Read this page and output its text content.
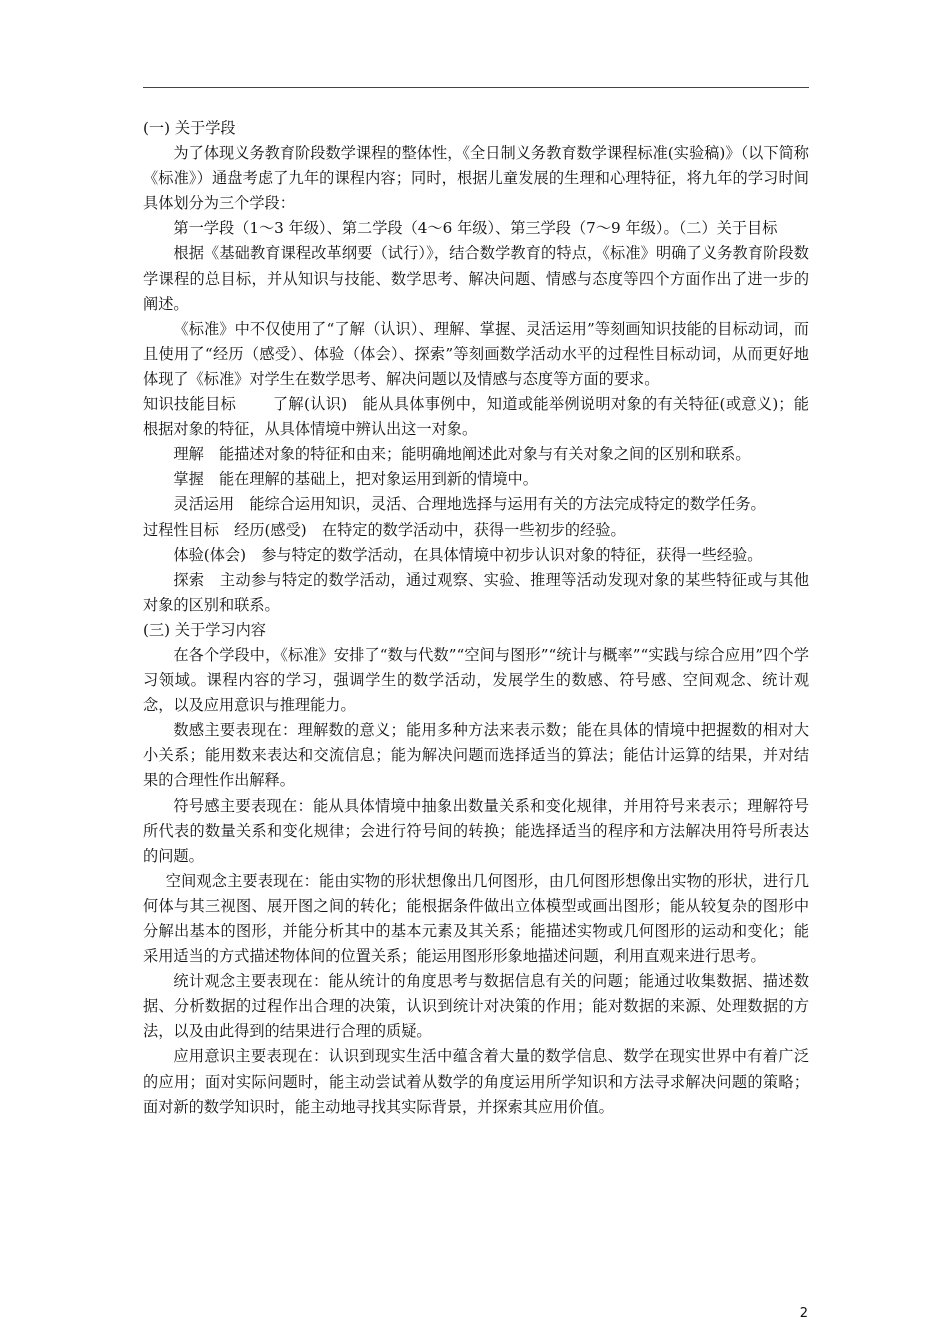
(一) 关于学段

为了体现义务教育阶段数学课程的整体性，《全日制义务教育数学课程标准(实验稿)》（以下简称《标准》）通盘考虑了九年的课程内容；同时，根据儿童发展的生理和心理特征，将九年的学习时间具体划分为三个学段：

第一学段（1～3 年级）、第二学段（4～6 年级）、第三学段（7～9 年级）。（二）关于目标

根据《基础教育课程改革纲要（试行）》，结合数学教育的特点，《标准》明确了义务教育阶段数学课程的总目标，并从知识与技能、数学思考、解决问题、情感与态度等四个方面作出了进一步的阐述。

《标准》中不仅使用了“了解（认识）、理解、掌握、灵活运用”等刻画知识技能的目标动词，而且使用了“经历（感受）、体验（体会）、探索”等刻画数学活动水平的过程性目标动词，从而更好地体现了《标准》对学生在数学思考、解决问题以及情感与态度等方面的要求。

知识技能目标 了解(认识) 能从具体事例中，知道或能举例说明对象的有关特征(或意义)；能根据对象的特征，从具体情境中辨认出这一对象。

理解 能描述对象的特征和由来；能明确地阐述此对象与有关对象之间的区别和联系。

掌握 能在理解的基础上，把对象运用到新的情境中。

灵活运用 能综合运用知识，灵活、合理地选择与运用有关的方法完成特定的数学任务。

过程性目标 经历(感受) 在特定的数学活动中，获得一些初步的经验。

体验(体会) 参与特定的数学活动，在具体情境中初步认识对象的特征，获得一些经验。

探索 主动参与特定的数学活动，通过观察、实验、推理等活动发现对象的某些特征或与其他对象的区别和联系。

(三) 关于学习内容

在各个学段中，《标准》安排了“数与代数”“空间与图形”“统计与概率”“实践与综合应用”四个学习领域。课程内容的学习，强调学生的数学活动，发展学生的数感、符号感、空间观念、统计观念，以及应用意识与推理能力。

数感主要表现在：理解数的意义；能用多种方法来表示数；能在具体的情境中把握数的相对大小关系；能用数来表达和交流信息；能为解决问题而选择适当的算法；能估计运算的结果，并对结果的合理性作出解释。

符号感主要表现在：能从具体情境中抽象出数量关系和变化规律，并用符号来表示；理解符号所代表的数量关系和变化规律；会进行符号间的转换；能选择适当的程序和方法解决用符号所表达的问题。

空间观念主要表现在：能由实物的形状想像出几何图形，由几何图形想像出实物的形状，进行几何体与其三视图、展开图之间的转化；能根据条件做出立体模型或画出图形；能从较复杂的图形中分解出基本的图形，并能分析其中的基本元素及其关系；能描述实物或几何图形的运动和变化；能采用适当的方式描述物体间的位置关系；能运用图形形象地描述问题，利用直观来进行思考。

统计观念主要表现在：能从统计的角度思考与数据信息有关的问题；能通过收集数据、描述数据、分析数据的过程作出合理的决策，认识到统计对决策的作用；能对数据的来源、处理数据的方法，以及由此得到的结果进行合理的质疑。

应用意识主要表现在：认识到现实生活中蕴含着大量的数学信息、数学在现实世界中有着广泛的应用；面对实际问题时，能主动尝试着从数学的角度运用所学知识和方法寻求解决问题的策略；面对新的数学知识时，能主动地寻找其实际背景，并探索其应用价值。

2
